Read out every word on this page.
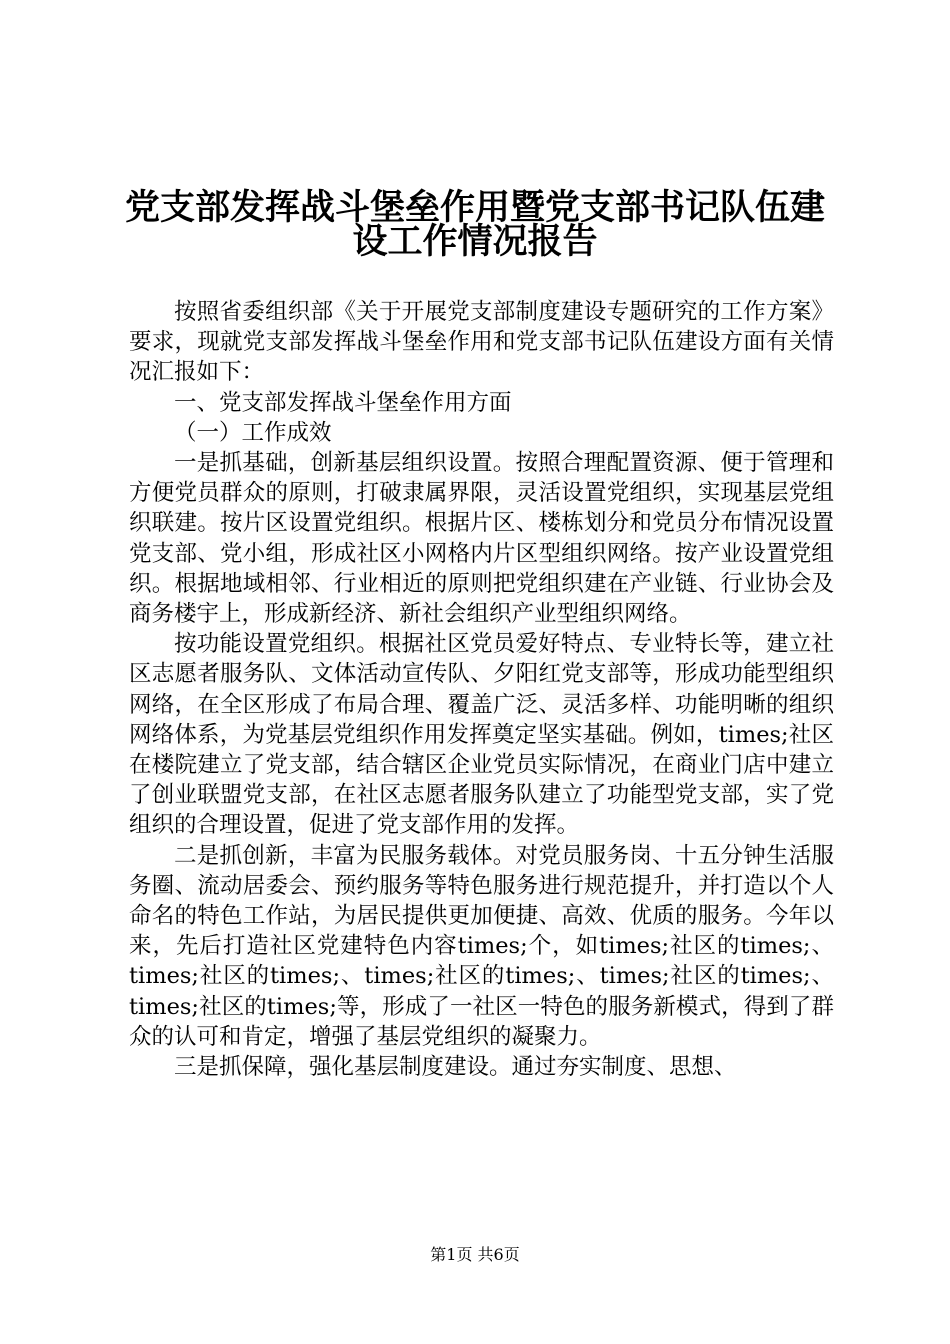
党支部发挥战斗堡垒作用暨党支部书记队伍建
设工作情况报告

按照省委组织部《关于开展党支部制度建设专题研究的工作方案》要求，现就党支部发挥战斗堡垒作用和党支部书记队伍建设方面有关情况汇报如下：

一、党支部发挥战斗堡垒作用方面

（一）工作成效

一是抓基础，创新基层组织设置。按照合理配置资源、便于管理和方便党员群众的原则，打破隶属界限，灵活设置党组织，实现基层党组织联建。按片区设置党组织。根据片区、楼栋划分和党员分布情况设置党支部、党小组，形成社区小网格内片区型组织网络。按产业设置党组织。根据地域相邻、行业相近的原则把党组织建在产业链、行业协会及商务楼宇上，形成新经济、新社会组织产业型组织网络。

按功能设置党组织。根据社区党员爱好特点、专业特长等，建立社区志愿者服务队、文体活动宣传队、夕阳红党支部等，形成功能型组织网络，在全区形成了布局合理、覆盖广泛、灵活多样、功能明晰的组织网络体系，为党基层党组织作用发挥奠定坚实基础。例如，times;社区在楼院建立了党支部，结合辖区企业党员实际情况，在商业门店中建立了创业联盟党支部，在社区志愿者服务队建立了功能型党支部，实了党组织的合理设置，促进了党支部作用的发挥。

二是抓创新，丰富为民服务载体。对党员服务岗、十五分钟生活服务圈、流动居委会、预约服务等特色服务进行规范提升，并打造以个人命名的特色工作站，为居民提供更加便捷、高效、优质的服务。今年以来，先后打造社区党建特色内容times;个，如times;社区的times;、times;社区的times;、times;社区的times;、times;社区的times;、times;社区的times;等，形成了一社区一特色的服务新模式，得到了群众的认可和肯定，增强了基层党组织的凝聚力。

三是抓保障，强化基层制度建设。通过夯实制度、思想、

第1页 共6页
